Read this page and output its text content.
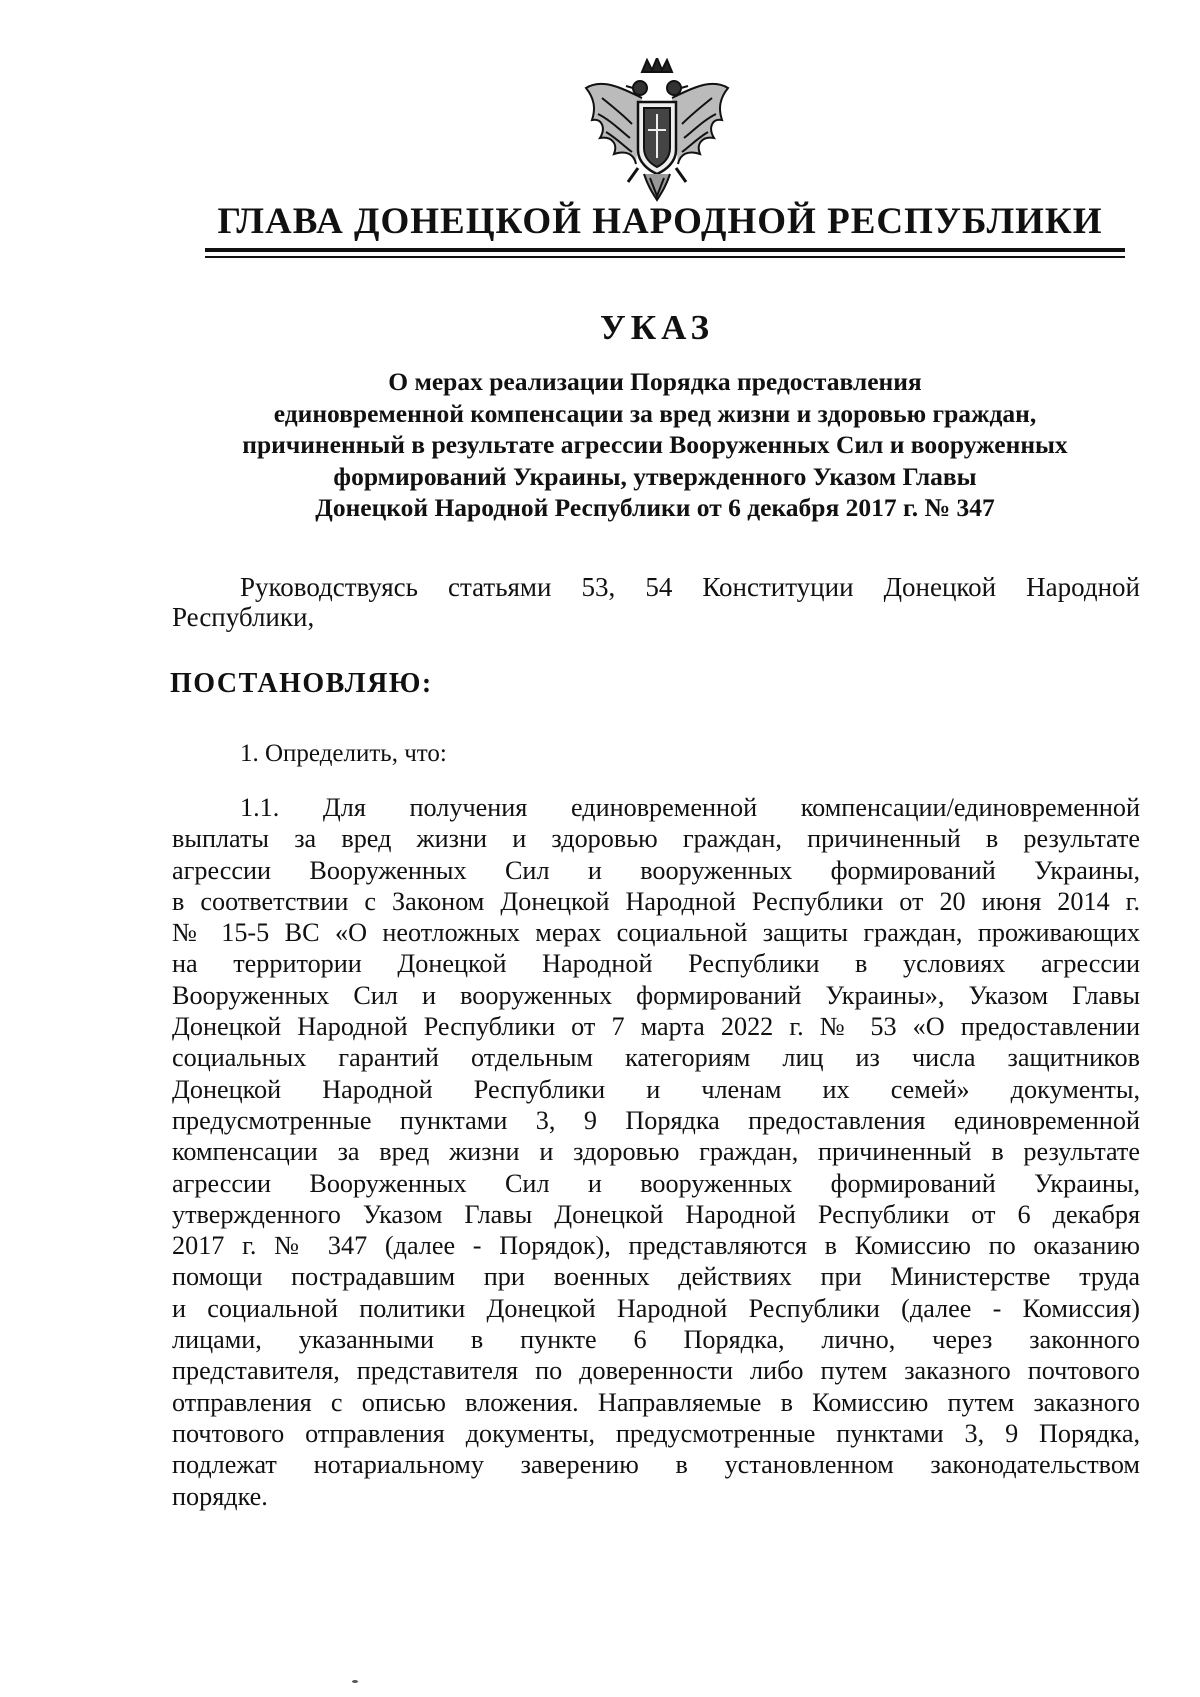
ГЛАВА ДОНЕЦКОЙ НАРОДНОЙ РЕСПУБЛИКИ
УКАЗ
О мерах реализации Порядка предоставления
единовременной компенсации за вред жизни и здоровью граждан,
причиненный в результате агрессии Вооруженных Сил и вооруженных
формирований Украины, утвержденного Указом Главы
Донецкой Народной Республики от 6 декабря 2017 г. № 347
Руководствуясь статьями 53, 54 Конституции Донецкой Народной Республики,
ПОСТАНОВЛЯЮ:
1. Определить, что:
1.1. Для получения единовременной компенсации/единовременной
выплаты за вред жизни и здоровью граждан, причиненный в результате
агрессии Вооруженных Сил и вооруженных формирований Украины,
в соответствии с Законом Донецкой Народной Республики от 20 июня 2014 г.
№ 15-5 ВС «О неотложных мерах социальной защиты граждан, проживающих
на территории Донецкой Народной Республики в условиях агрессии
Вооруженных Сил и вооруженных формирований Украины», Указом Главы
Донецкой Народной Республики от 7 марта 2022 г. № 53 «О предоставлении
социальных гарантий отдельным категориям лиц из числа защитников
Донецкой Народной Республики и членам их семей» документы,
предусмотренные пунктами 3, 9 Порядка предоставления единовременной
компенсации за вред жизни и здоровью граждан, причиненный в результате
агрессии Вооруженных Сил и вооруженных формирований Украины,
утвержденного Указом Главы Донецкой Народной Республики от 6 декабря
2017 г. № 347 (далее - Порядок), представляются в Комиссию по оказанию
помощи пострадавшим при военных действиях при Министерстве труда
и социальной политики Донецкой Народной Республики (далее - Комиссия)
лицами, указанными в пункте 6 Порядка, лично, через законного
представителя, представителя по доверенности либо путем заказного почтового
отправления с описью вложения. Направляемые в Комиссию путем заказного
почтового отправления документы, предусмотренные пунктами 3, 9 Порядка,
подлежат нотариальному заверению в установленном законодательством
порядке.
